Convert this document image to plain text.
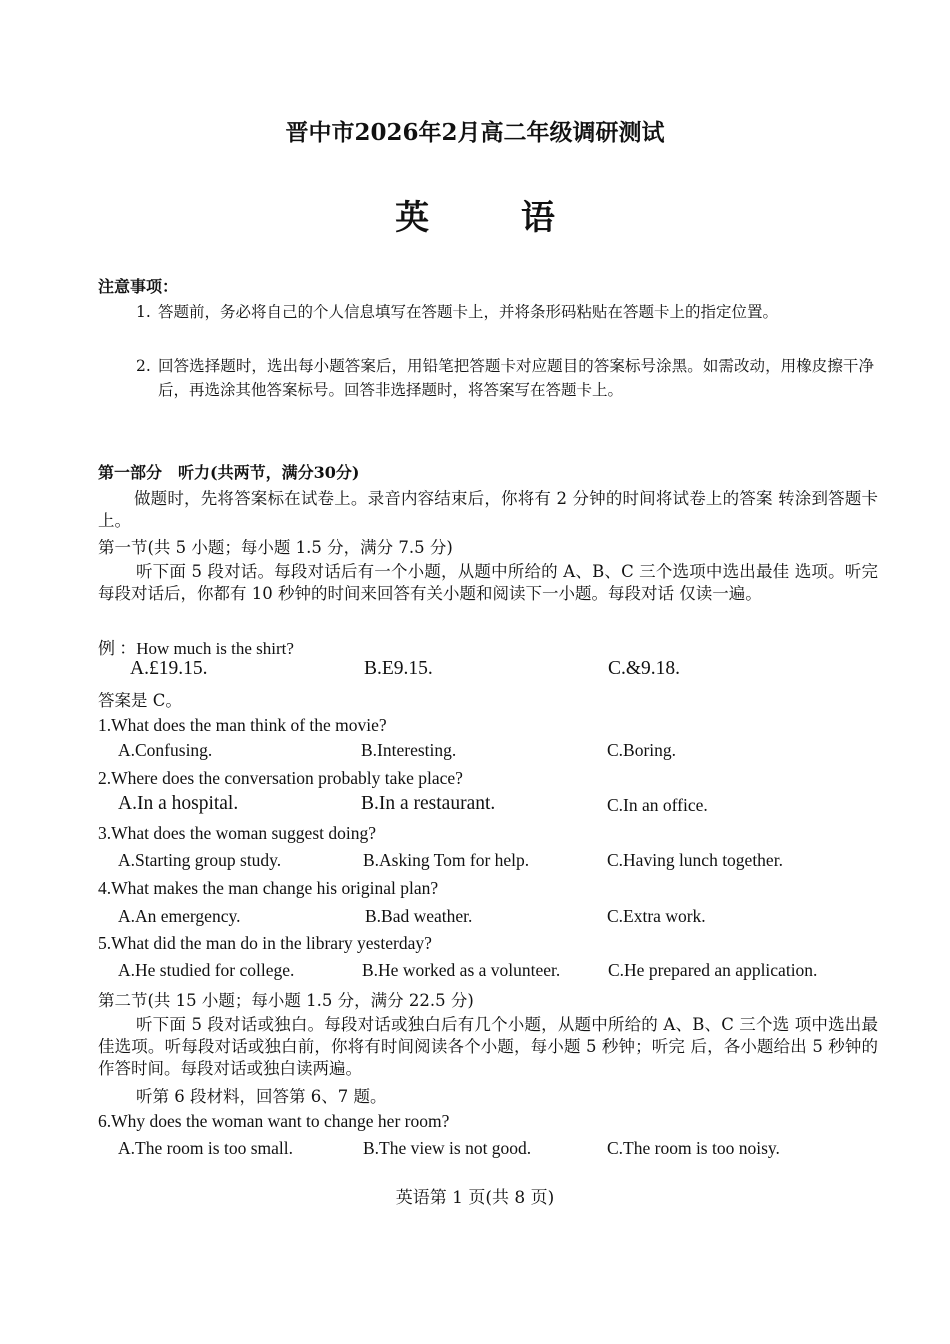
晋中市2026年2月高二年级调研测试
英 语
注意事项：
1. 答题前，务必将自己的个人信息填写在答题卡上，并将条形码粘贴在答题卡上的指定位置。
2. 回答选择题时，选出每小题答案后，用铅笔把答题卡对应题目的答案标号涂黑。如需改动，用橡皮擦干净后，再选涂其他答案标号。回答非选择题时，将答案写在答题卡上。
第一部分　听力(共两节，满分30分)
做题时，先将答案标在试卷上。录音内容结束后，你将有 2 分钟的时间将试卷上的答案 转涂到答题卡上。
第一节(共 5 小题；每小题 1.5 分，满分 7.5 分)
听下面 5 段对话。每段对话后有一个小题，从题中所给的 A、B、C 三个选项中选出最佳 选项。听完每段对话后，你都有 10 秒钟的时间来回答有关小题和阅读下一小题。每段对话 仅读一遍。
例 ：How much is the shirt?
A.£19.15.	B.E9.15.	C.&9.18.
答案是 C。
1.What does the man think of the movie?
A.Confusing.	B.Interesting.	C.Boring.
2.Where does the conversation probably take place?
A.In a hospital.	B.In a restaurant.	C.In an office.
3.What does the woman suggest doing?
A.Starting group study.	B.Asking Tom for help.	C.Having lunch together.
4.What makes the man change his original plan?
A.An emergency.	B.Bad weather.	C.Extra work.
5.What did the man do in the library yesterday?
A.He studied for college.	B.He worked as a volunteer.	C.He prepared an application.
第二节(共 15 小题；每小题 1.5 分，满分 22.5 分)
听下面 5 段对话或独白。每段对话或独白后有几个小题，从题中所给的 A、B、C 三个选 项中选出最佳选项。听每段对话或独白前，你将有时间阅读各个小题，每小题 5 秒钟；听完 后，各小题给出 5 秒钟的作答时间。每段对话或独白读两遍。
听第 6 段材料，回答第 6、7 题。
6.Why does the woman want to change her room?
A.The room is too small.	B.The view is not good.	C.The room is too noisy.
英语第 1 页(共 8 页)
